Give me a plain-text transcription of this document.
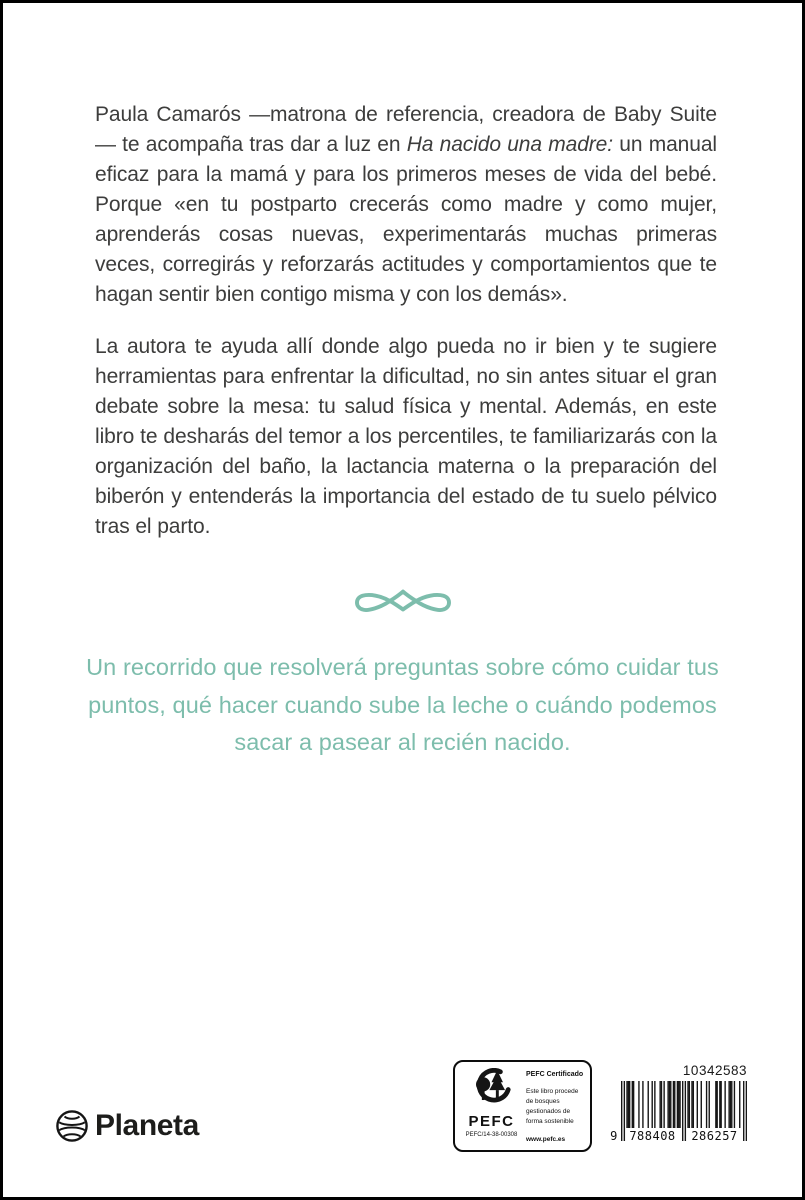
Paula Camarós —matrona de referencia, creadora de Baby Suite— te acompaña tras dar a luz en Ha nacido una madre: un manual eficaz para la mamá y para los primeros meses de vida del bebé. Porque «en tu postparto crecerás como madre y como mujer, aprenderás cosas nuevas, experimentarás muchas primeras veces, corregirás y reforzarás actitudes y comportamientos que te hagan sentir bien contigo misma y con los demás».

La autora te ayuda allí donde algo pueda no ir bien y te sugiere herramientas para enfrentar la dificultad, no sin antes situar el gran debate sobre la mesa: tu salud física y mental. Además, en este libro te desharás del temor a los percentiles, te familiarizarás con la organización del baño, la lactancia materna o la preparación del biberón y entenderás la importancia del estado de tu suelo pélvico tras el parto.

Un recorrido que resolverá preguntas sobre cómo cuidar tus puntos, qué hacer cuando sube la leche o cuándo podemos sacar a pasear al recién nacido.

Planeta	PEFC
PEFC/14-38-00308
PEFC Certificado
Este libro procede de bosques gestionados de forma sostenible
www.pefc.es
10342583
9 788408 286257
